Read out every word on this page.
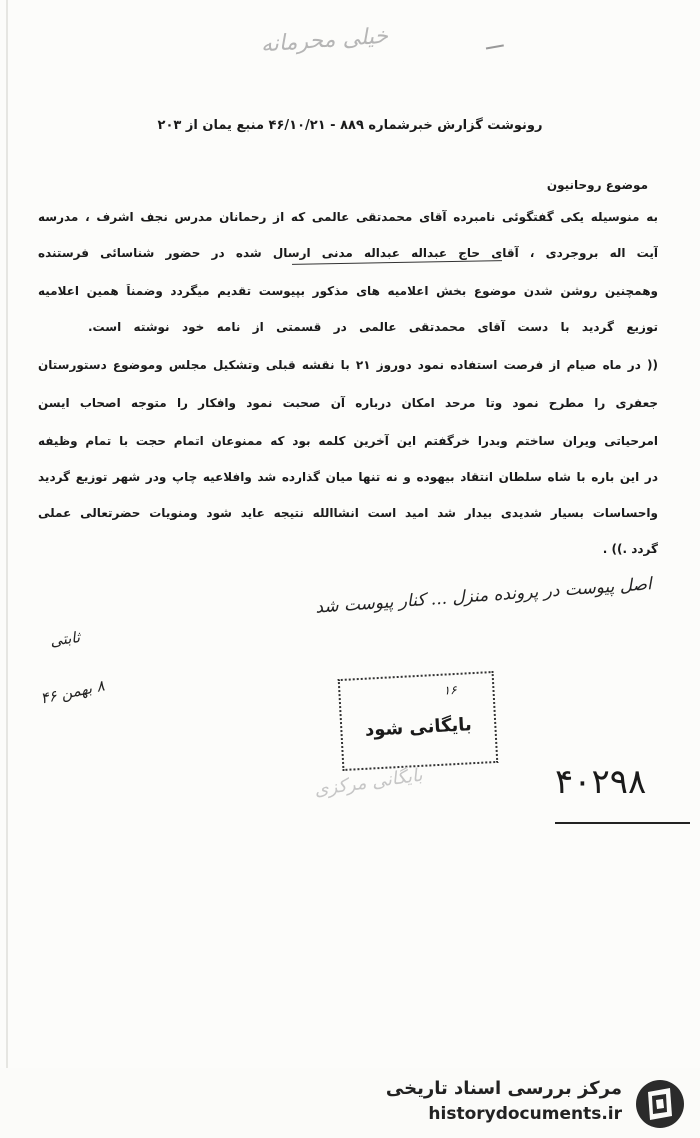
خیلی محرمانه
رونوشت گزارش خبرشماره ۸۸۹ - ۴۶/۱۰/۲۱ منبع یمان از ۲۰۳
موضوع روحانیون
به منوسیله یکی گفتگوئی نامبرده آقای محمدتقی عالمی که از رحمانان مدرس نجف اشرف ، مدرسه
آیت اله بروجردی ، آقای حاج عبداله عبداله مدنی ارسال شده در حضور شناسائی فرستنده
وهمچنین روشن شدن موضوع بخش اعلامیه های مذکور بپیوست تقدیم میگردد وضمناً همین اعلامیه
توزیع گردید با دست آقای محمدتقی عالمی در قسمتی از نامه خود نوشته است.
(( در ماه صیام از فرصت استفاده نمود دوروز ۲۱ با نقشه قبلی وتشکیل مجلس وموضوع دستورستان
جعفری را مطرح نمود وتا مرحد امکان درباره آن صحبت نمود وافکار را متوجه اصحاب ایسن
امرحیاتی ویران ساختم وبدرا خرگفتم این آخرین کلمه بود که ممنوعان اتمام حجت با تمام وظیفه
در این باره با شاه سلطان انتقاد بیهوده و نه تنها میان گذارده شد وافلاعیه چاپ ودر شهر توزیع گردید
واحساسات بسیار شدیدی بیدار شد امید است انشاالله نتیجه عاید شود ومنویات حضرتعالی عملی
گردد .)) .
اصل پیوست در پرونده منزل ... کنار پیوست شد
ثابتی
۸ بهمن ۴۶	۱۶
بایگانی شود
بایگانی مرکزی	۴۰۲۹۸
مرکز بررسی اسناد تاریخی
historydocuments.ir
